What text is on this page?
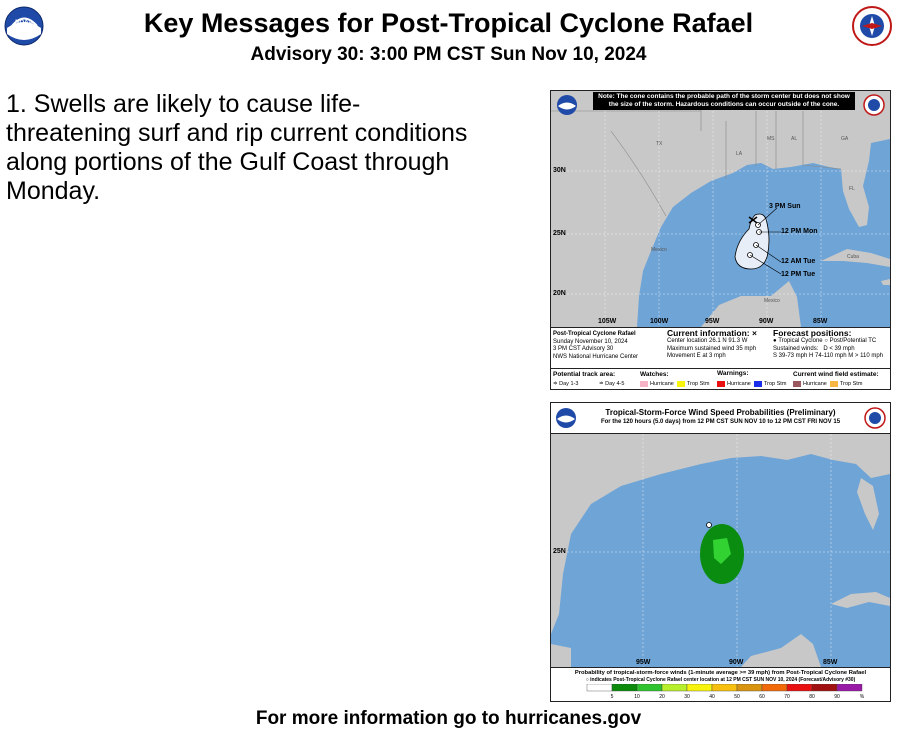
NOAA	Key Messages for Post-Tropical Cyclone Rafael
Advisory 30: 3:00 PM CST Sun Nov 10, 2024
1. Swells are likely to cause life-threatening surf and rip current conditions along portions of the Gulf Coast through Monday.
Note: The cone contains the probable path of the storm center but does not show
the size of the storm. Hazardous conditions can occur outside of the cone.
30N
25N
20N
105W	100W	95W	90W	85W
TX
LA
MS	AL	GA
FL
Mexico
Cuba
Mexico
3 PM Sun
12 PM Mon
12 AM Tue
12 PM Tue
Post-Tropical Cyclone Rafael
Sunday November 10, 2024
3 PM CST Advisory 30
NWS National Hurricane Center
Current information: ×
Center location 26.1 N 91.3 W
Maximum sustained wind 35 mph
Movement E at 3 mph
Forecast positions:
● Tropical Cyclone ○ Post/Potential TC
Sustained winds: D < 39 mph
S 39-73 mph H 74-110 mph M > 110 mph
Potential track area:
≑ Day 1-3	≐ Day 4-5
Watches:
Hurricane	Trop Stm
Warnings:
Hurricane	Trop Stm
Current wind field estimate:
Hurricane	Trop Stm
Tropical-Storm-Force Wind Speed Probabilities (Preliminary)
For the 120 hours (5.0 days) from 12 PM CST SUN NOV 10 to 12 PM CST FRI NOV 15
25N
95W	90W	85W
Probability of tropical-storm-force winds (1-minute average >= 39 mph) from Post-Tropical Cyclone Rafael
○ indicates Post-Tropical Cyclone Rafael center location at 12 PM CST SUN NOV 10, 2024 (Forecast/Advisory #30)
5	10	20	30	40	50	60	70	80	90	%
For more information go to hurricanes.gov
